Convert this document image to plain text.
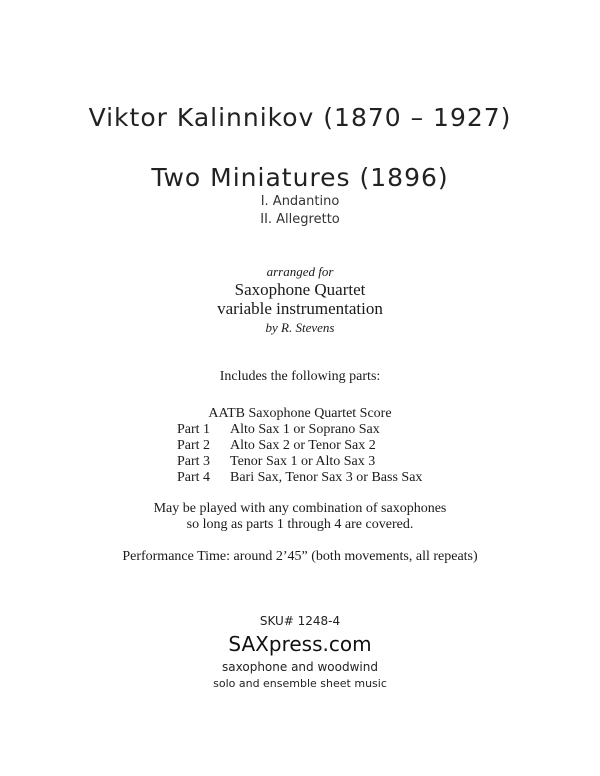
Viktor Kalinnikov (1870 – 1927)
Two Miniatures (1896)
I. Andantino
II. Allegretto
arranged for
Saxophone Quartet
variable instrumentation
by R. Stevens
Includes the following parts:
AATB Saxophone Quartet Score
Part 1	Alto Sax 1 or Soprano Sax
Part 2	Alto Sax 2 or Tenor Sax 2
Part 3	Tenor Sax 1 or Alto Sax 3
Part 4	Bari Sax, Tenor Sax 3 or Bass Sax
May be played with any combination of saxophones
so long as parts 1 through 4 are covered.
Performance Time: around 2’45” (both movements, all repeats)
SKU# 1248-4
SAXpress.com
saxophone and woodwind
solo and ensemble sheet music
